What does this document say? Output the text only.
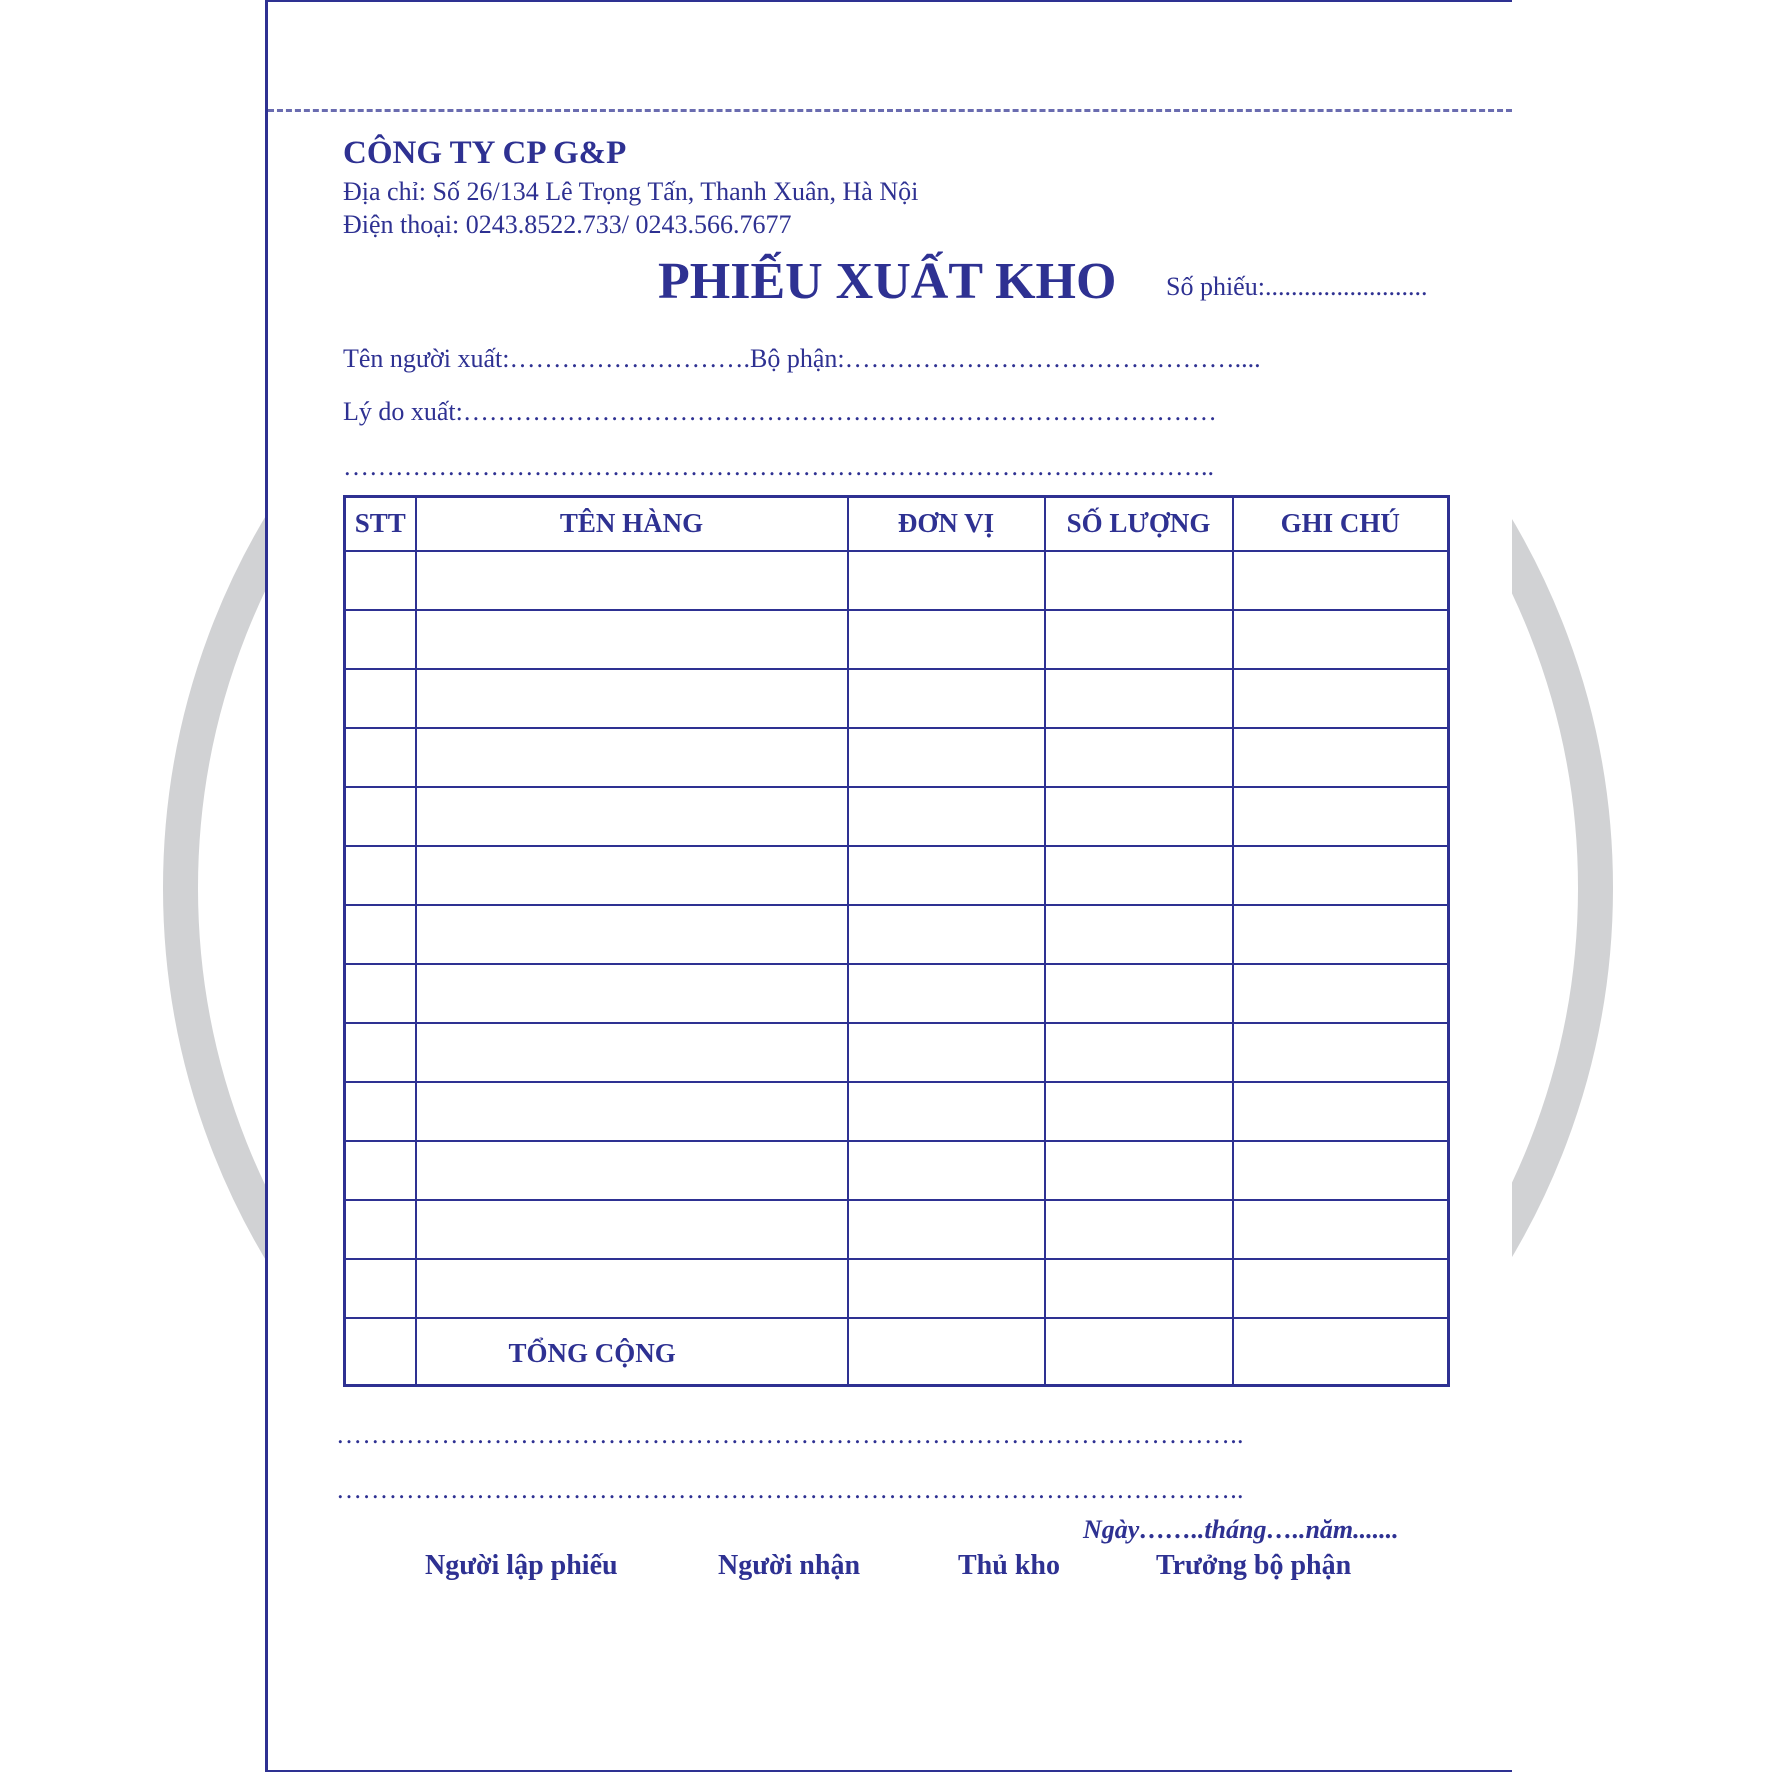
CÔNG TY CP G&P
Địa chỉ: Số 26/134 Lê Trọng Tấn, Thanh Xuân, Hà Nội
Điện thoại: 0243.8522.733/ 0243.566.7677
PHIẾU XUẤT KHO Số phiếu:.........................
Tên người xuất:……………………….Bộ phận:………………………………………....
Lý do xuất:……………………………………………………………………………
………………………………………………………………………………………..
STT	TÊN HÀNG	ĐƠN VỊ	SỐ LƯỢNG	GHI CHÚ

	TỔNG CỘNG			
…………………………………………………………………………………………..
…………………………………………………………………………………………..
Ngày……..tháng…..năm.......
Người lập phiếu	Người nhận	Thủ kho	Trưởng bộ phận
